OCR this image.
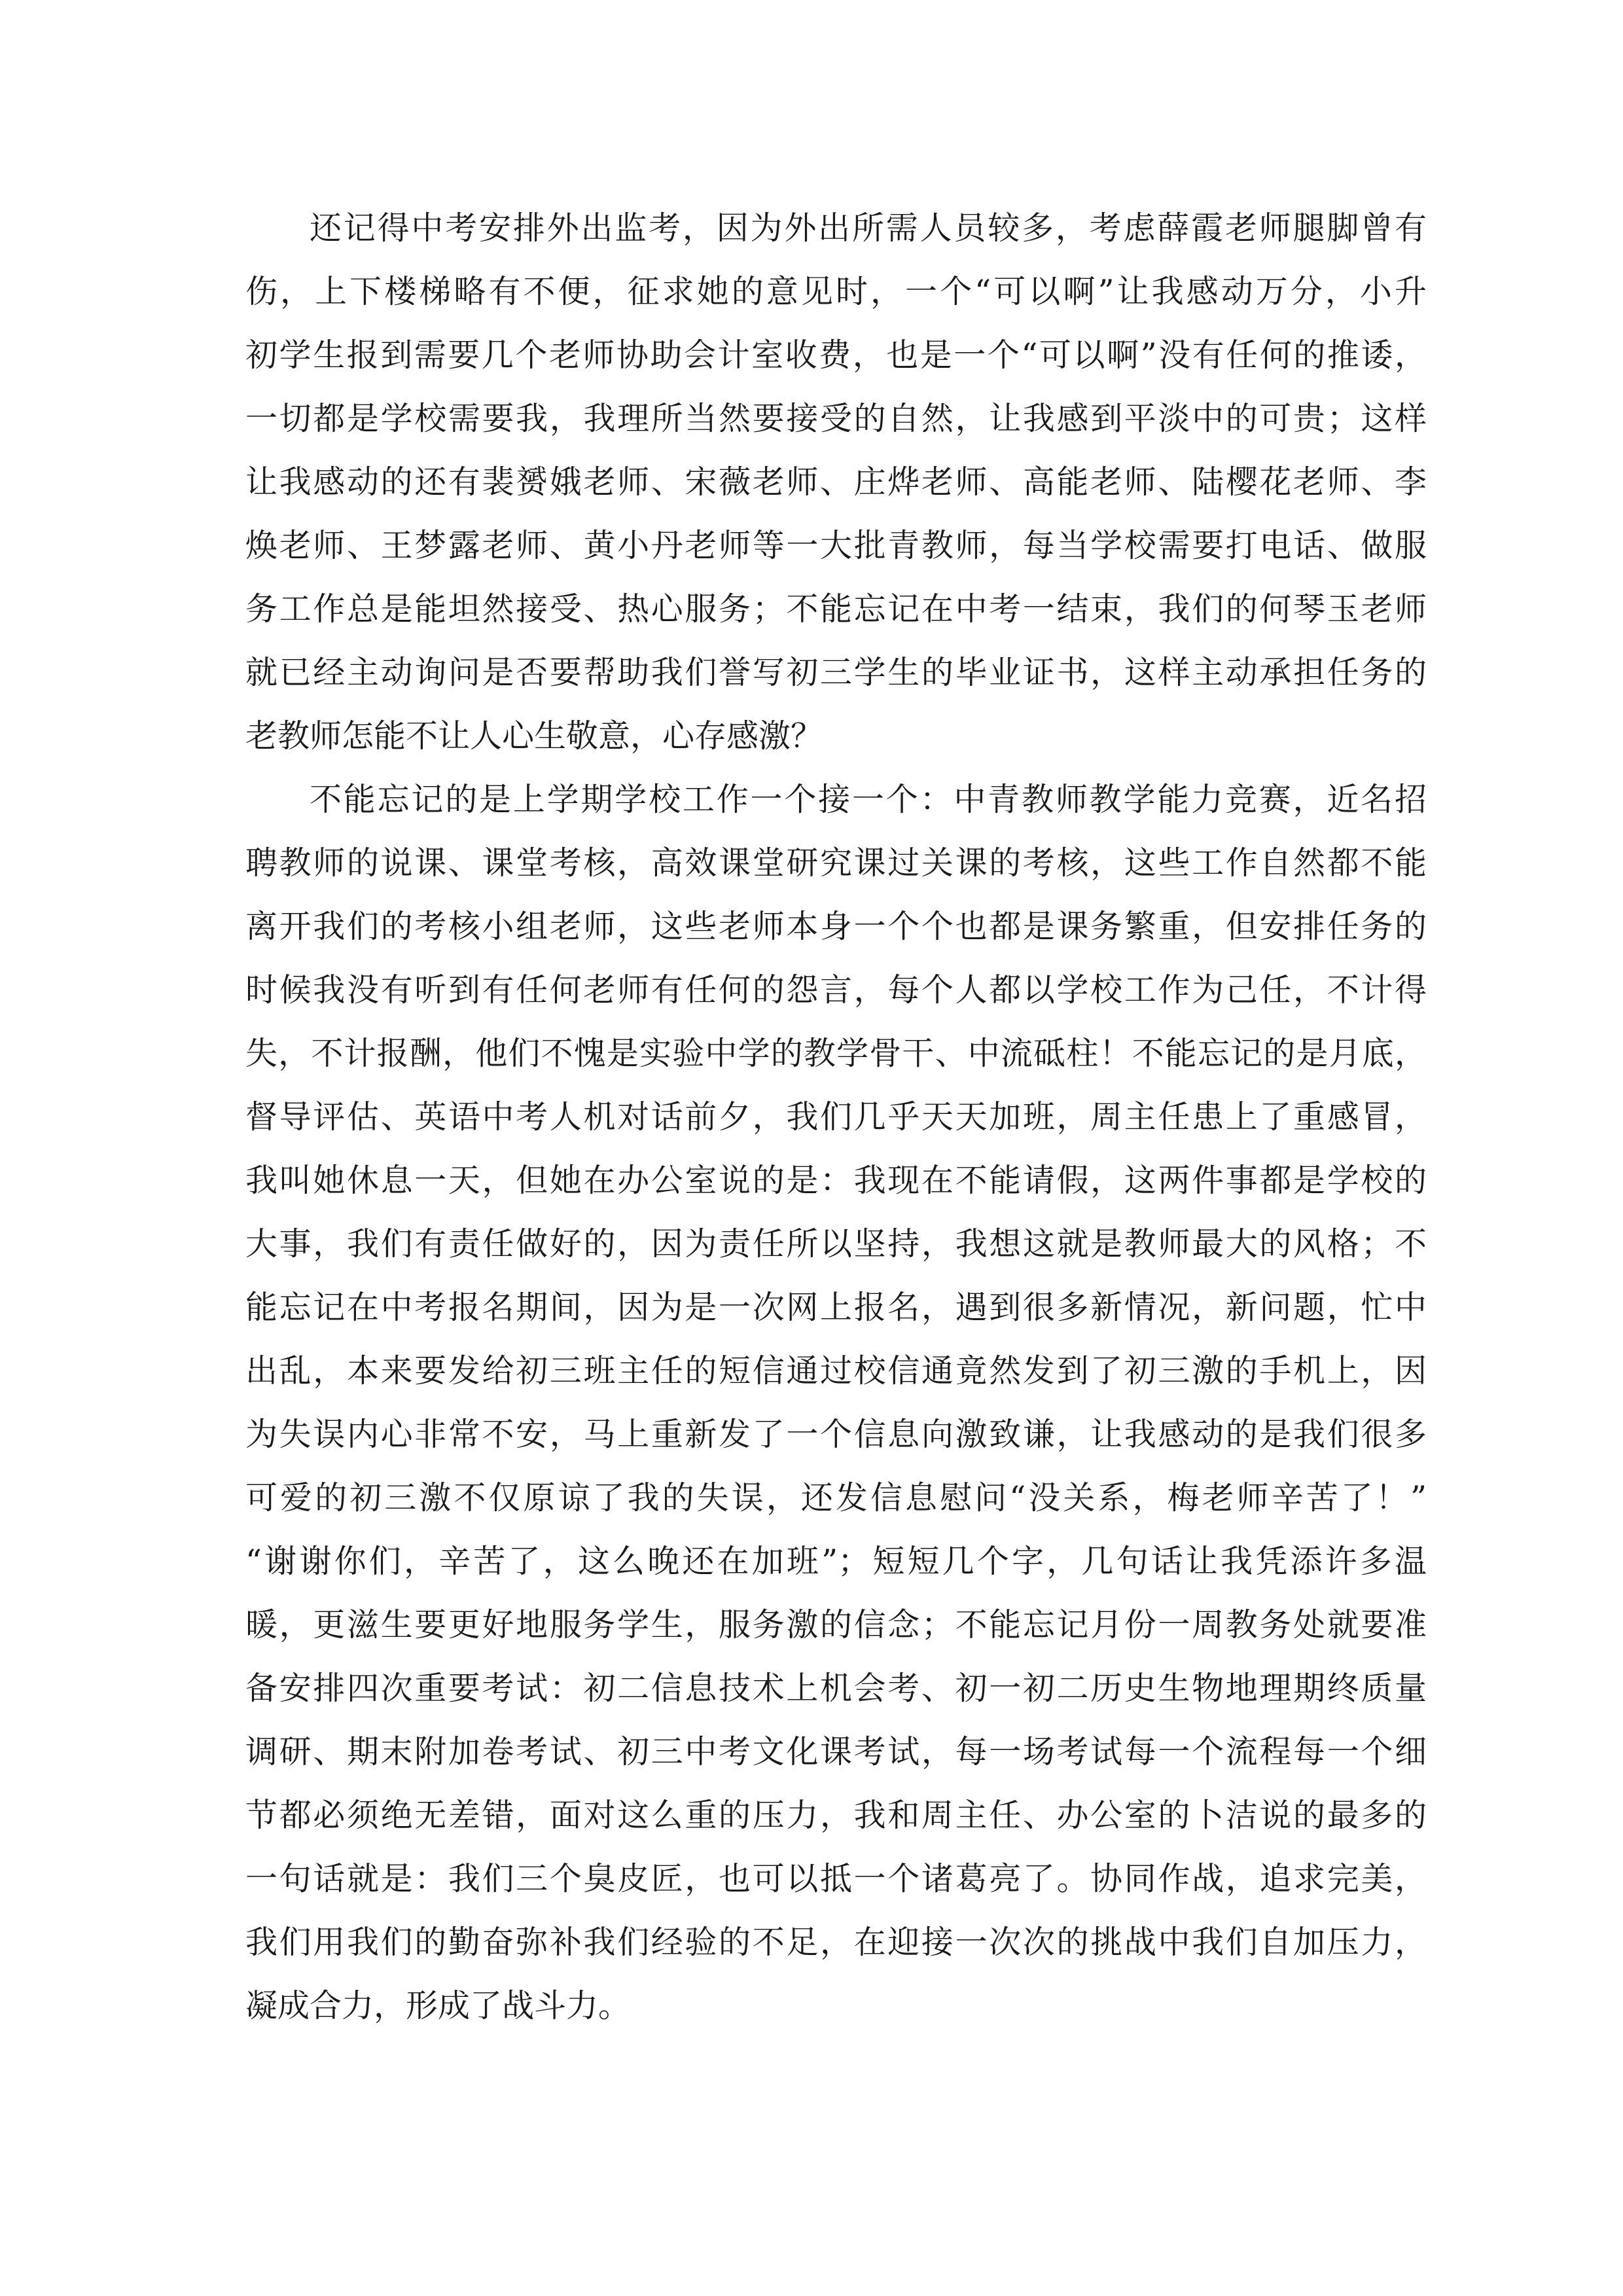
还记得中考安排外出监考，因为外出所需人员较多，考虑薛霞老师腿脚曾有
伤，上下楼梯略有不便，征求她的意见时，一个“可以啊”让我感动万分，小升
初学生报到需要几个老师协助会计室收费，也是一个“可以啊”没有任何的推诿，
一切都是学校需要我，我理所当然要接受的自然，让我感到平淡中的可贵；这样
让我感动的还有裴赟娥老师、宋薇老师、庄烨老师、高能老师、陆樱花老师、李
焕老师、王梦露老师、黄小丹老师等一大批青教师，每当学校需要打电话、做服
务工作总是能坦然接受、热心服务；不能忘记在中考一结束，我们的何琴玉老师
就已经主动询问是否要帮助我们誉写初三学生的毕业证书，这样主动承担任务的
老教师怎能不让人心生敬意，心存感激？
不能忘记的是上学期学校工作一个接一个：中青教师教学能力竞赛，近名招
聘教师的说课、课堂考核，高效课堂研究课过关课的考核，这些工作自然都不能
离开我们的考核小组老师，这些老师本身一个个也都是课务繁重，但安排任务的
时候我没有听到有任何老师有任何的怨言，每个人都以学校工作为己任，不计得
失，不计报酬，他们不愧是实验中学的教学骨干、中流砥柱！不能忘记的是月底，
督导评估、英语中考人机对话前夕，我们几乎天天加班，周主任患上了重感冒，
我叫她休息一天，但她在办公室说的是：我现在不能请假，这两件事都是学校的
大事，我们有责任做好的，因为责任所以坚持，我想这就是教师最大的风格；不
能忘记在中考报名期间，因为是一次网上报名，遇到很多新情况，新问题，忙中
出乱，本来要发给初三班主任的短信通过校信通竟然发到了初三激的手机上，因
为失误内心非常不安，马上重新发了一个信息向激致谦，让我感动的是我们很多
可爱的初三激不仅原谅了我的失误，还发信息慰问“没关系，梅老师辛苦了！”
“谢谢你们，辛苦了，这么晚还在加班”；短短几个字，几句话让我凭添许多温
暖，更滋生要更好地服务学生，服务激的信念；不能忘记月份一周教务处就要准
备安排四次重要考试：初二信息技术上机会考、初一初二历史生物地理期终质量
调研、期末附加卷考试、初三中考文化课考试，每一场考试每一个流程每一个细
节都必须绝无差错，面对这么重的压力，我和周主任、办公室的卜洁说的最多的
一句话就是：我们三个臭皮匠，也可以抵一个诸葛亮了。协同作战，追求完美，
我们用我们的勤奋弥补我们经验的不足，在迎接一次次的挑战中我们自加压力，
凝成合力，形成了战斗力。
